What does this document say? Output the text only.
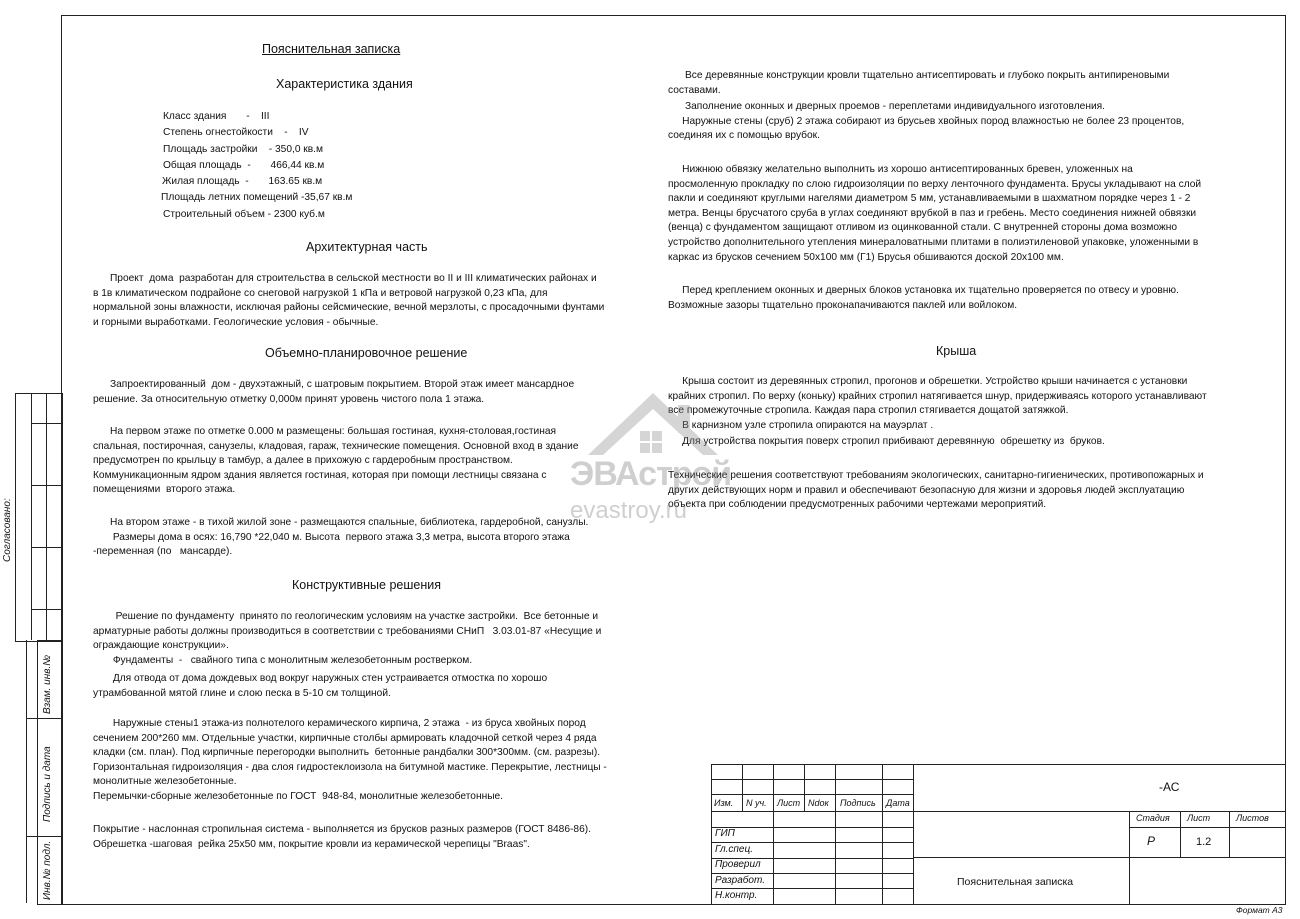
Согласовано:
Взам. инв.№
Подпись и дата
Инв.№ подл.
Пояснительная записка
Характеристика здания
Класс здания       -    III
Степень огнестойкости    -    IV
Площадь застройки    - 350,0 кв.м
Общая площадь  -       466,44 кв.м
Жилая площадь  -       163.65 кв.м
Площадь летних помещений -35,67 кв.м
Строительный объем - 2300 куб.м
Архитектурная часть
Проект  дома  разработан для строительства в сельской местности во II и III климатических районах и
в 1в климатическом подрайоне со снеговой нагрузкой 1 кПа и ветровой нагрузкой 0,23 кПа, для
нормальной зоны влажности, исключая районы сейсмические, вечной мерзлоты, с просадочными фунтами
и горными выработками. Геологические условия - обычные.
Объемно-планировочное решение
Запроектированный  дом - двухэтажный, с шатровым покрытием. Второй этаж имеет мансардное
решение. За относительную отметку 0,000м принят уровень чистого пола 1 этажа.
На первом этаже по отметке 0.000 м размещены: большая гостиная, кухня-столовая,гостиная
спальная, постирочная, санузелы, кладовая, гараж, технические помещения. Основной вход в здание
предусмотрен по крыльцу в тамбур, а далее в прихожую с гардеробным пространством.
Коммуникационным ядром здания является гостиная, которая при помощи лестницы связана с
помещениями  второго этажа.
На втором этаже - в тихой жилой зоне - размещаются спальные, библиотека, гардеробной, санузлы.
Размеры дома в осях: 16,790 *22,040 м. Высота  первого этажа 3,3 метра, высота второго этажа
-переменная (по   мансарде).
Конструктивные решения
Решение по фундаменту  принято по геологическим условиям на участке застройки.  Все бетонные и
арматурные работы должны производиться в соответствии с требованиями СНиП   3.03.01-87 «Несущие и
ограждающие конструкции».
Фундаменты  -   свайного типа с монолитным железобетонным ростверком.
Для отвода от дома дождевых вод вокруг наружных стен устраивается отмостка по хорошо
утрамбованной мятой глине и слою песка в 5-10 см толщиной.
Наружные стены1 этажа-из полнотелого керамического кирпича, 2 этажа  - из бруса хвойных пород
сечением 200*260 мм. Отдельные участки, кирпичные столбы армировать кладочной сеткой через 4 ряда
кладки (см. план). Под кирпичные перегородки выполнить  бетонные рандбалки 300*300мм. (см. разрезы).
Горизонтальная гидроизоляция - два слоя гидростеклоизола на битумной мастике. Перекрытие, лестницы -
монолитные железобетонные.
Перемычки-сборные железобетонные по ГОСТ  948-84, монолитные железобетонные.
Покрытие - наслонная стропильная система - выполняется из брусков разных размеров (ГОСТ 8486-86).
Обрешетка -шаговая  рейка 25х50 мм, покрытие кровли из керамической черепицы "Braas".
Все деревянные конструкции кровли тщательно антисептировать и глубоко покрыть антипиреновыми
составами.
Заполнение оконных и дверных проемов - переплетами индивидуального изготовления.
Наружные стены (сруб) 2 этажа собирают из брусьев хвойных пород влажностью не более 23 процентов,
соединяя их с помощью врубок.
Нижнюю обвязку желательно выполнить из хорошо антисептированных бревен, уложенных на
просмоленную прокладку по слою гидроизоляции по верху ленточного фундамента. Брусы укладывают на слой
пакли и соединяют круглыми нагелями диаметром 5 мм, устанавливаемыми в шахматном порядке через 1 - 2
метра. Венцы брусчатого сруба в углах соединяют врубкой в паз и гребень. Место соединения нижней обвязки
(венца) с фундаментом защищают отливом из оцинкованной стали. С внутренней стороны дома возможно
устройство дополнительного утепления минераловатными плитами в полиэтиленовой упаковке, уложенными в
каркас из брусков сечением 50х100 мм (Г1) Брусья обшиваются доской 20х100 мм.
Перед креплением оконных и дверных блоков установка их тщательно проверяется по отвесу и уровню.
Возможные зазоры тщательно проконапачиваются паклей или войлоком.
Крыша
Крыша состоит из деревянных стропил, прогонов и обрешетки. Устройство крыши начинается с установки
крайних стропил. По верху (коньку) крайних стропил натягивается шнур, придерживаясь которого устанавливают
все промежуточные стропила. Каждая пара стропил стягивается дощатой затяжкой.
В карнизном узле стропила опираются на мауэрлат .
Для устройства покрытия поверх стропил прибивают деревянную  обрешетку из  бруков.
Технические решения соответствуют требованиям экологических, санитарно-гигиенических, противопожарных и
других действующих норм и правил и обеспечивают безопасную для жизни и здоровья людей эксплуатацию
объекта при соблюдении предусмотренных рабочими чертежами мероприятий.
ЭВАстрой
evastroy.ru
Изм. N уч. Лист Ndок Подпись Дата
ГИП
Гл.спец.
Проверил
Разработ.
Н.контр.
-АС
Стадия Лист	Листов
Р	1.2
Пояснительная записка
Формат А3
